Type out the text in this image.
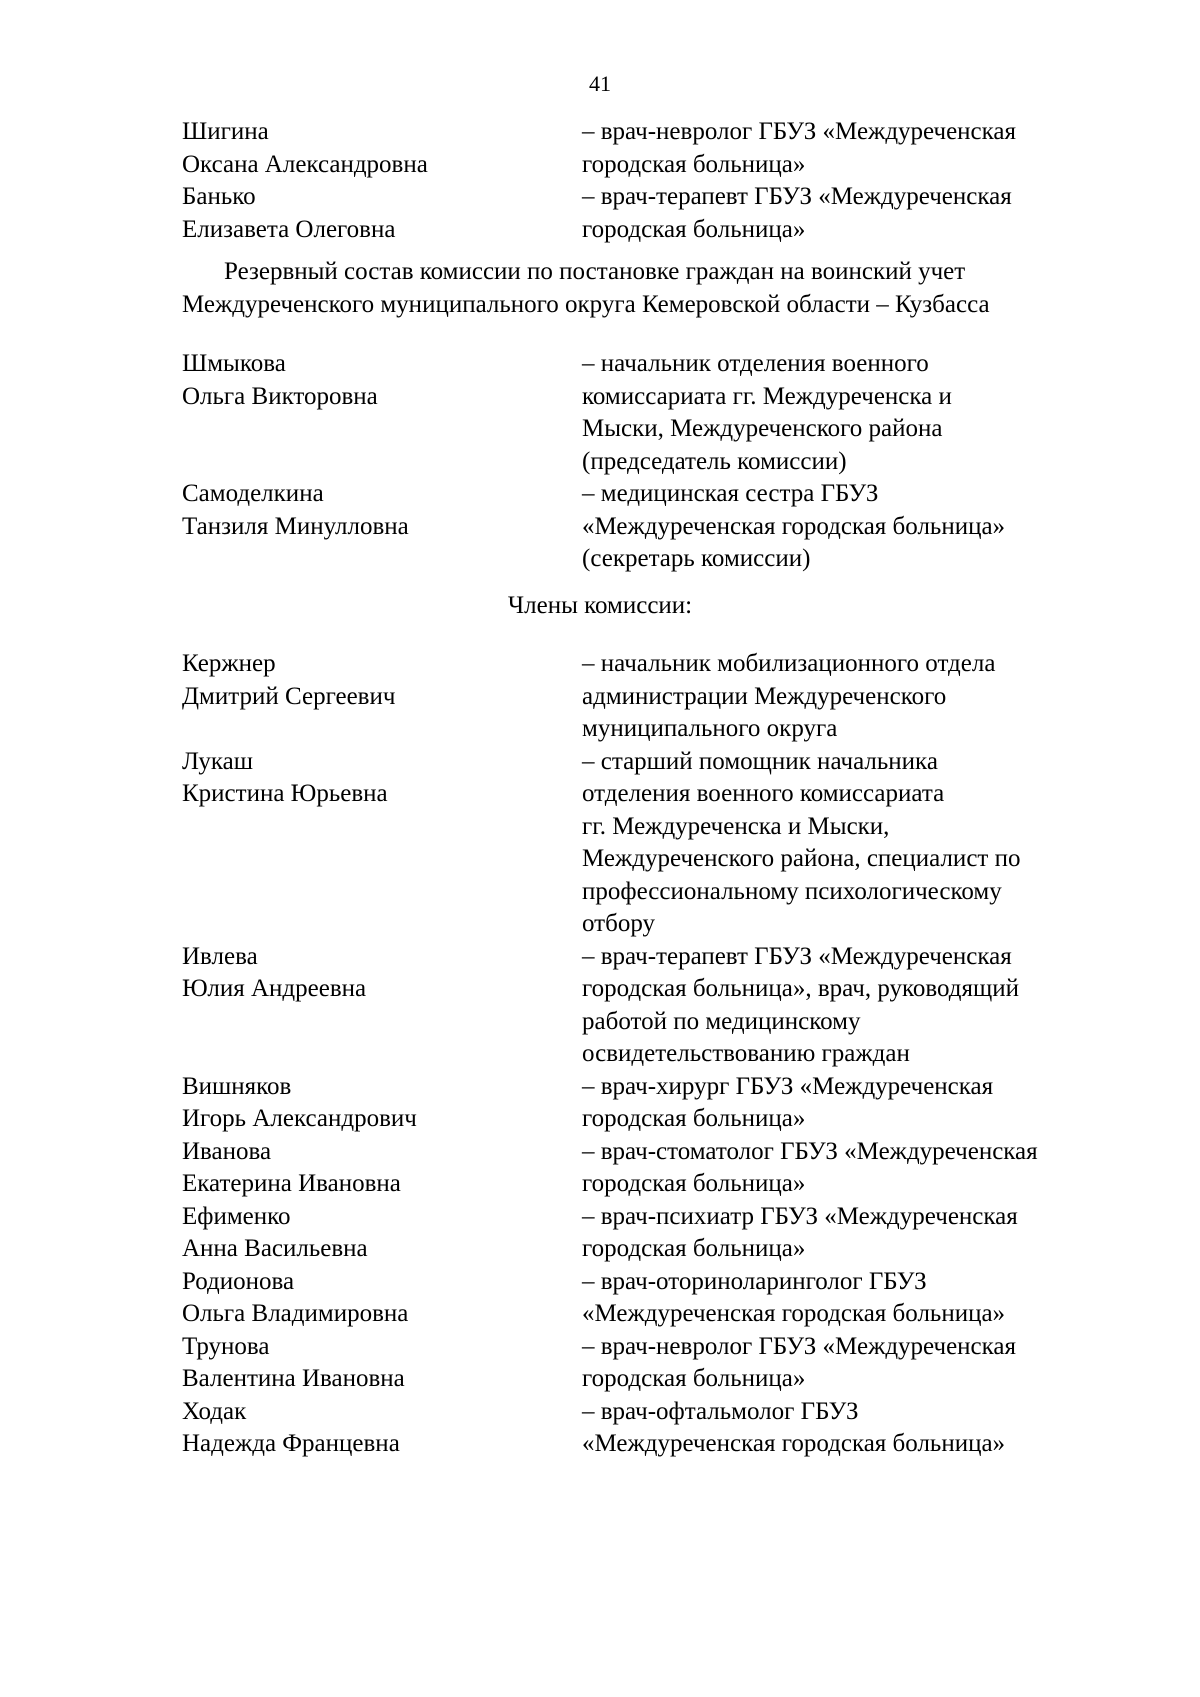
41
Шигина
Оксана Александровна
– врач-невролог ГБУЗ «Междуреченская
городская больница»
Банько
Елизавета Олеговна
– врач-терапевт ГБУЗ «Междуреченская
городская больница»
Резервный состав комиссии по постановке граждан на воинский учет
Междуреченского муниципального округа Кемеровской области – Кузбасса
Шмыкова
Ольга Викторовна
– начальник отделения военного
комиссариата гг. Междуреченска и
Мыски, Междуреченского района
(председатель комиссии)
Самоделкина
Танзиля Минулловна
– медицинская сестра ГБУЗ
«Междуреченская городская больница»
(секретарь комиссии)
Члены комиссии:
Кержнер
Дмитрий Сергеевич
– начальник мобилизационного отдела
администрации Междуреченского
муниципального округа
Лукаш
Кристина Юрьевна
– старший помощник начальника
отделения военного комиссариата
гг. Междуреченска и Мыски,
Междуреченского района, специалист по
профессиональному психологическому
отбору
Ивлева
Юлия Андреевна
– врач-терапевт ГБУЗ «Междуреченская
городская больница», врач, руководящий
работой по медицинскому
освидетельствованию граждан
Вишняков
Игорь Александрович
– врач-хирург ГБУЗ «Междуреченская
городская больница»
Иванова
Екатерина Ивановна
– врач-стоматолог ГБУЗ «Междуреченская
городская больница»
Ефименко
Анна Васильевна
– врач-психиатр ГБУЗ «Междуреченская
городская больница»
Родионова
Ольга Владимировна
– врач-оториноларинголог ГБУЗ
«Междуреченская городская больница»
Трунова
Валентина Ивановна
– врач-невролог ГБУЗ «Междуреченская
городская больница»
Ходак
Надежда Францевна
– врач-офтальмолог ГБУЗ
«Междуреченская городская больница»
